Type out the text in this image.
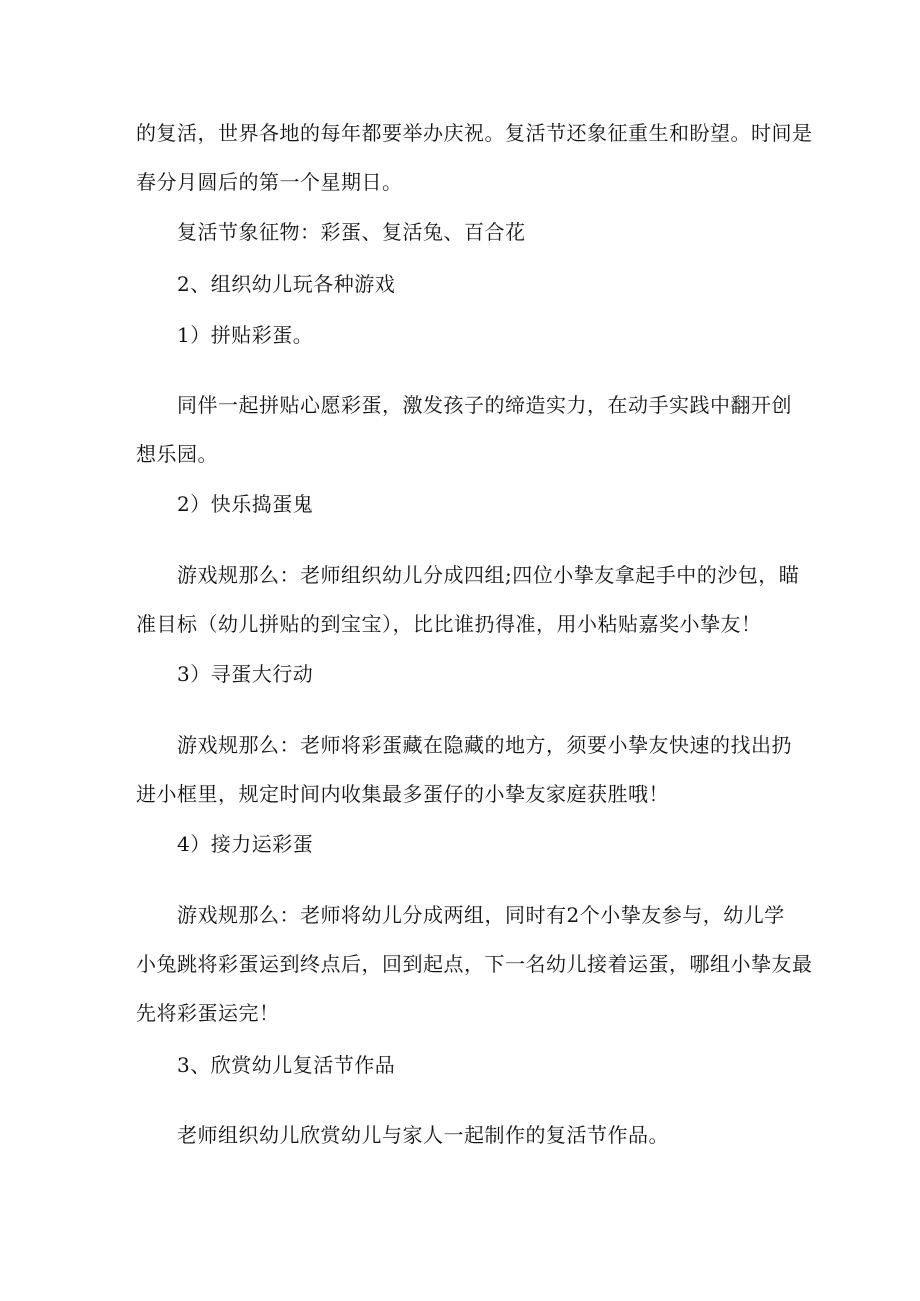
的复活，世界各地的每年都要举办庆祝。复活节还象征重生和盼望。时间是
春分月圆后的第一个星期日。

复活节象征物：彩蛋、复活兔、百合花

2、组织幼儿玩各种游戏

1）拼贴彩蛋。

同伴一起拼贴心愿彩蛋，激发孩子的缔造实力，在动手实践中翻开创
想乐园。

2）快乐捣蛋鬼

游戏规那么：老师组织幼儿分成四组;四位小挚友拿起手中的沙包，瞄
准目标（幼儿拼贴的到宝宝），比比谁扔得准，用小粘贴嘉奖小挚友！

3）寻蛋大行动

游戏规那么：老师将彩蛋藏在隐藏的地方，须要小挚友快速的找出扔
进小框里，规定时间内收集最多蛋仔的小挚友家庭获胜哦！

4）接力运彩蛋

游戏规那么：老师将幼儿分成两组，同时有2个小挚友参与，幼儿学
小兔跳将彩蛋运到终点后，回到起点，下一名幼儿接着运蛋，哪组小挚友最
先将彩蛋运完！

3、欣赏幼儿复活节作品

老师组织幼儿欣赏幼儿与家人一起制作的复活节作品。
